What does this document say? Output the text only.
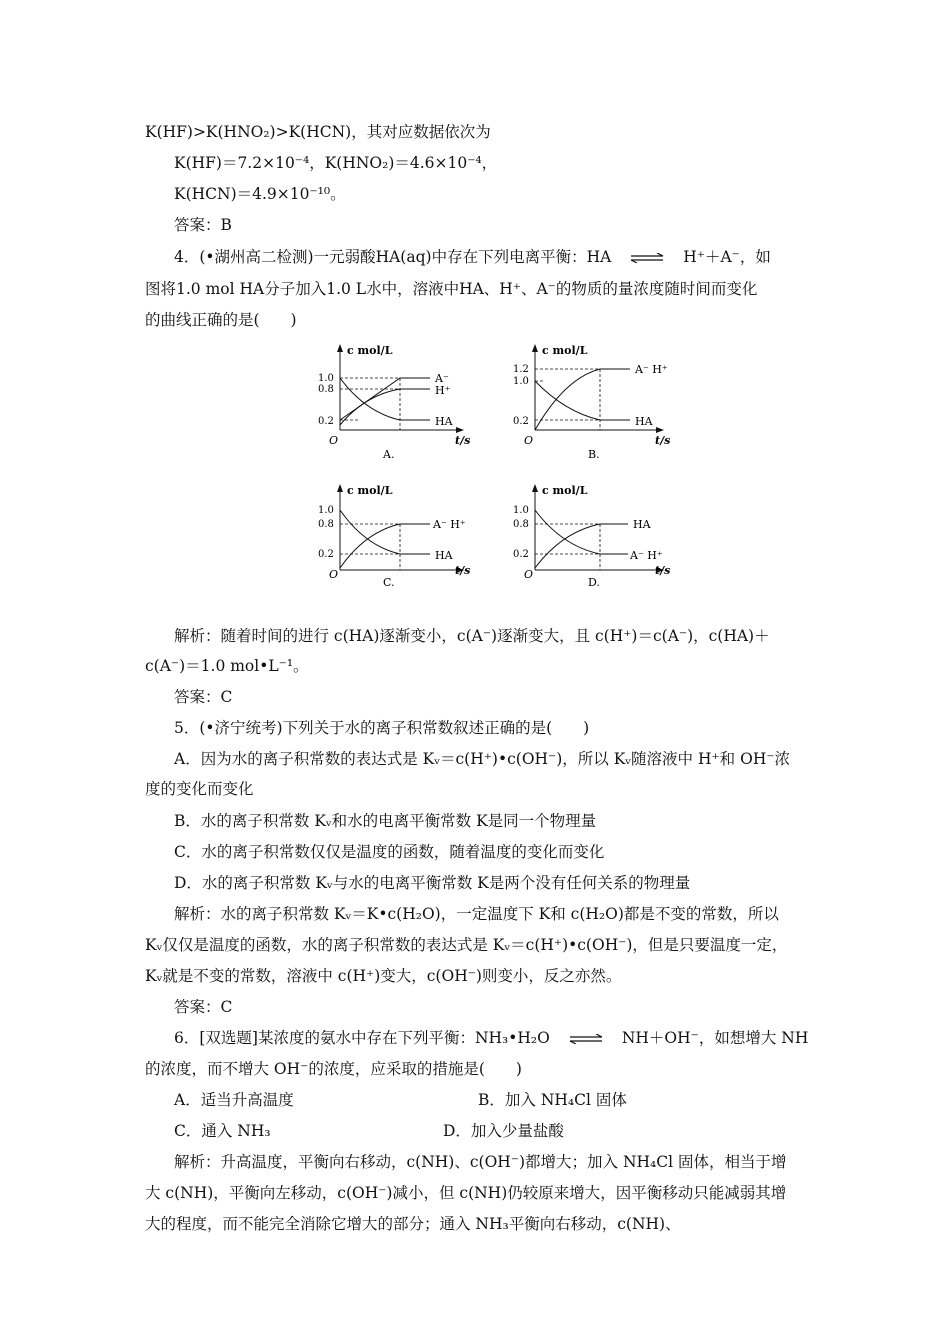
K(HF)>K(HNO₂)>K(HCN)，其对应数据依次为
K(HF)＝7.2×10⁻⁴，K(HNO₂)＝4.6×10⁻⁴，
K(HCN)＝4.9×10⁻¹⁰。
答案：B
4．(•湖州高二检测)一元弱酸HA(aq)中存在下列电离平衡：HA ⇌ H⁺＋A⁻，如
图将1.0 mol HA分子加入1.0 L水中，溶液中HA、H⁺、A⁻的物质的量浓度随时间而变化
的曲线正确的是(　　)
c mol/L
t/s
O
1.0
0.8
0.2
A⁻
H⁺
HA
A.
c mol/L
t/s
O
1.2
1.0
0.2
A⁻ H⁺
HA
B.
c mol/L
t/s
O
1.0
0.8
0.2
A⁻ H⁺
HA
C.
c mol/L
t/s
O
1.0
0.8
0.2
HA
A⁻ H⁺
D.
解析：随着时间的进行 c(HA)逐渐变小，c(A⁻)逐渐变大，且 c(H⁺)＝c(A⁻)，c(HA)＋
c(A⁻)＝1.0 mol•L⁻¹。
答案：C
5．(•济宁统考)下列关于水的离子积常数叙述正确的是(　　)
A．因为水的离子积常数的表达式是 Kᵥ＝c(H⁺)•c(OH⁻)，所以 Kᵥ随溶液中 H⁺和 OH⁻浓
度的变化而变化
B．水的离子积常数 Kᵥ和水的电离平衡常数 K是同一个物理量
C．水的离子积常数仅仅是温度的函数，随着温度的变化而变化
D．水的离子积常数 Kᵥ与水的电离平衡常数 K是两个没有任何关系的物理量
解析：水的离子积常数 Kᵥ＝K•c(H₂O)，一定温度下 K和 c(H₂O)都是不变的常数，所以
Kᵥ仅仅是温度的函数，水的离子积常数的表达式是 Kᵥ＝c(H⁺)•c(OH⁻)，但是只要温度一定，
Kᵥ就是不变的常数，溶液中 c(H⁺)变大，c(OH⁻)则变小，反之亦然。
答案：C
6．[双选题]某浓度的氨水中存在下列平衡：NH₃•H₂O ⇌ NH＋OH⁻，如想增大 NH
的浓度，而不增大 OH⁻的浓度，应采取的措施是(　　)
A．适当升高温度	B．加入 NH₄Cl 固体
C．通入 NH₃	D．加入少量盐酸
解析：升高温度，平衡向右移动，c(NH)、c(OH⁻)都增大；加入 NH₄Cl 固体，相当于增
大 c(NH)，平衡向左移动，c(OH⁻)减小，但 c(NH)仍较原来增大，因平衡移动只能减弱其增
大的程度，而不能完全消除它增大的部分；通入 NH₃平衡向右移动，c(NH)、
